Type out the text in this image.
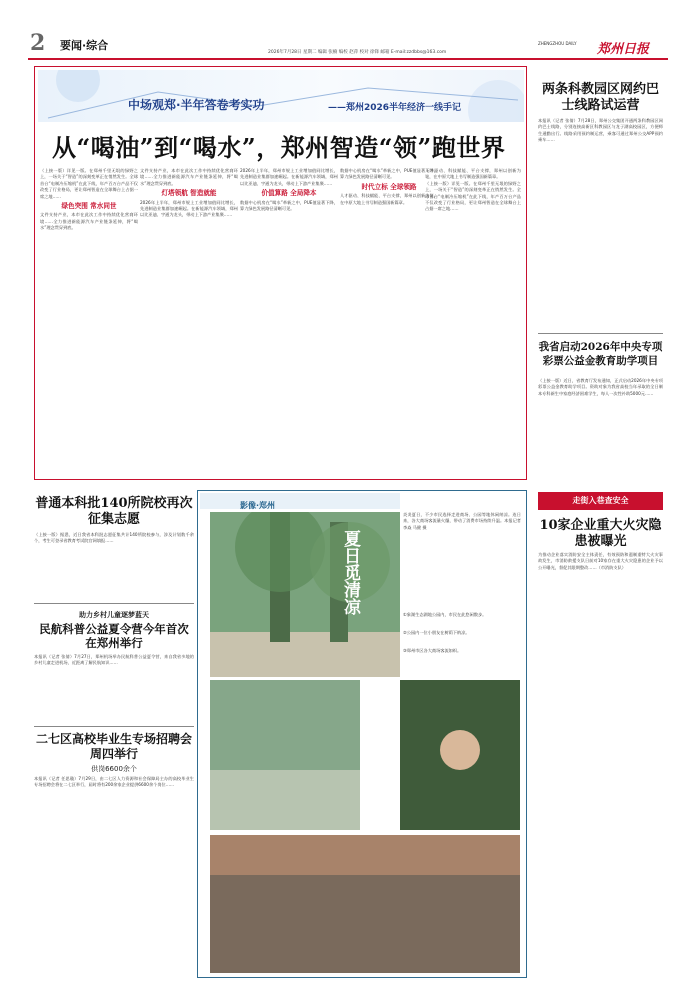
2 要闻·综合
2026年7月28日 星期二 编辑 张楠 编校 赵萍 校对 徐锋 邮箱 E-mail:zzdbbs@163.com
ZHENGZHOU DAILY 郑州日报
中场观郑·半年答卷考实功	——郑州2026半年经济一线手记
从“喝油”到“喝水”，郑州智造“领”跑世界
（上接一版）详见一版。在郑州千里无垠的绿野之上，一场关于“智造”的深刻变革正在悄然发生。全球首台“电制冷压缩机”在此下线，年产百万台产品不仅改变了行业格局，更让郑州智造在全球舞台上占据一席之地……
绿色突围 常水同世
文件支持产业，本市在此次工作中持续优化营商环境……全力推进新能源汽车产业链条延伸，将“喝水”理念贯穿到底。
文件支持产业，本市在此次工作中持续优化营商环境……全力推进新能源汽车产业链条延伸，将“喝水”理念贯穿到底。
灯塔领航 智造就能
2026年上半年，郑州市规上工业增加值同比增长，先进制造业集群加速崛起。在新能源汽车领域，郑州以比亚迪、宇通为龙头，带动上下游产业集聚……
2026年上半年，郑州市规上工业增加值同比增长，先进制造业集群加速崛起。在新能源汽车领域，郑州以比亚迪、宇通为龙头，带动上下游产业集聚……
价值算路 全局降本
数据中心机房在“喝水”革新之中，PUE值显著下降，算力绿色发展路径清晰可见。
数据中心机房在“喝水”革新之中，PUE值显著下降，算力绿色发展路径清晰可见。
时代立标 全球领路
人才驱动、科技赋能、平台支撑，郑州以创新为笔，在中原大地上书写制造强国新篇章。
人才驱动、科技赋能、平台支撑，郑州以创新为笔，在中原大地上书写制造强国新篇章。
（上接一版）详见一版。在郑州千里无垠的绿野之上，一场关于“智造”的深刻变革正在悄然发生。全球首台“电制冷压缩机”在此下线，年产百万台产品不仅改变了行业格局，更让郑州智造在全球舞台上占据一席之地……
两条科教园区网约巴士线路试运营
本报讯（记者 张倩）7月28日，郑州公交集团开通两条科教园区网约巴士线路，分别连接高新区科教园区与龙子湖高校园区，方便师生通勤出行。线路采用预约制运营，乘客可通过郑州公交APP预约乘车……
我省启动2026年中央专项彩票公益金教育助学项目
（上接一版）近日，省教育厅发布通知，正式启动2026年中央专项彩票公益金教育助学项目。资助对象为我省高校当年录取的全日制本专科新生中家庭经济困难学生，每人一次性补助5000元……
普通本科批140所院校再次征集志愿
（上接一版）据悉，近日我省本科批志愿征集共计140所院校参与，涉及计划数千余个，考生可登录省教育考试院官网填报……
助力乡村儿童逐梦蓝天
民航科普公益夏令营今年首次在郑州举行
本报讯（记者 张倩）7月27日，郑州机场举办民航科普公益夏令营，来自我省多地的乡村儿童走进机场，近距离了解民航知识……
二七区高校毕业生专场招聘会周四举行
供岗6600余个
本报讯（记者 任思璇）7月29日，由二七区人力资源和社会保障局主办的高校毕业生专场招聘会将在二七区举行，届时将有200余家企业提供6600余个岗位……
影像·郑州
夏日觅清凉
炎炎夏日，不少市民选择走进商场、公园等地休闲纳凉。连日来，各大商场客流量火爆，带动了消费市场持续升温。本报记者 李焱 马健 摄
①象湖生态湖地公园内，市民在此悠闲散步。
②公园内一位小朋友在树荫下纳凉。
③郑州市区各大商场客流如织。
走街入巷查安全
10家企业重大火灾隐患被曝光
为推动企业落实消防安全主体责任，有效预防和遏制重特大火灾事故发生，市消防救援支队日前对10家存在重大火灾隐患的企业予以公开曝光，督促其限期整改……（市消防支队）
